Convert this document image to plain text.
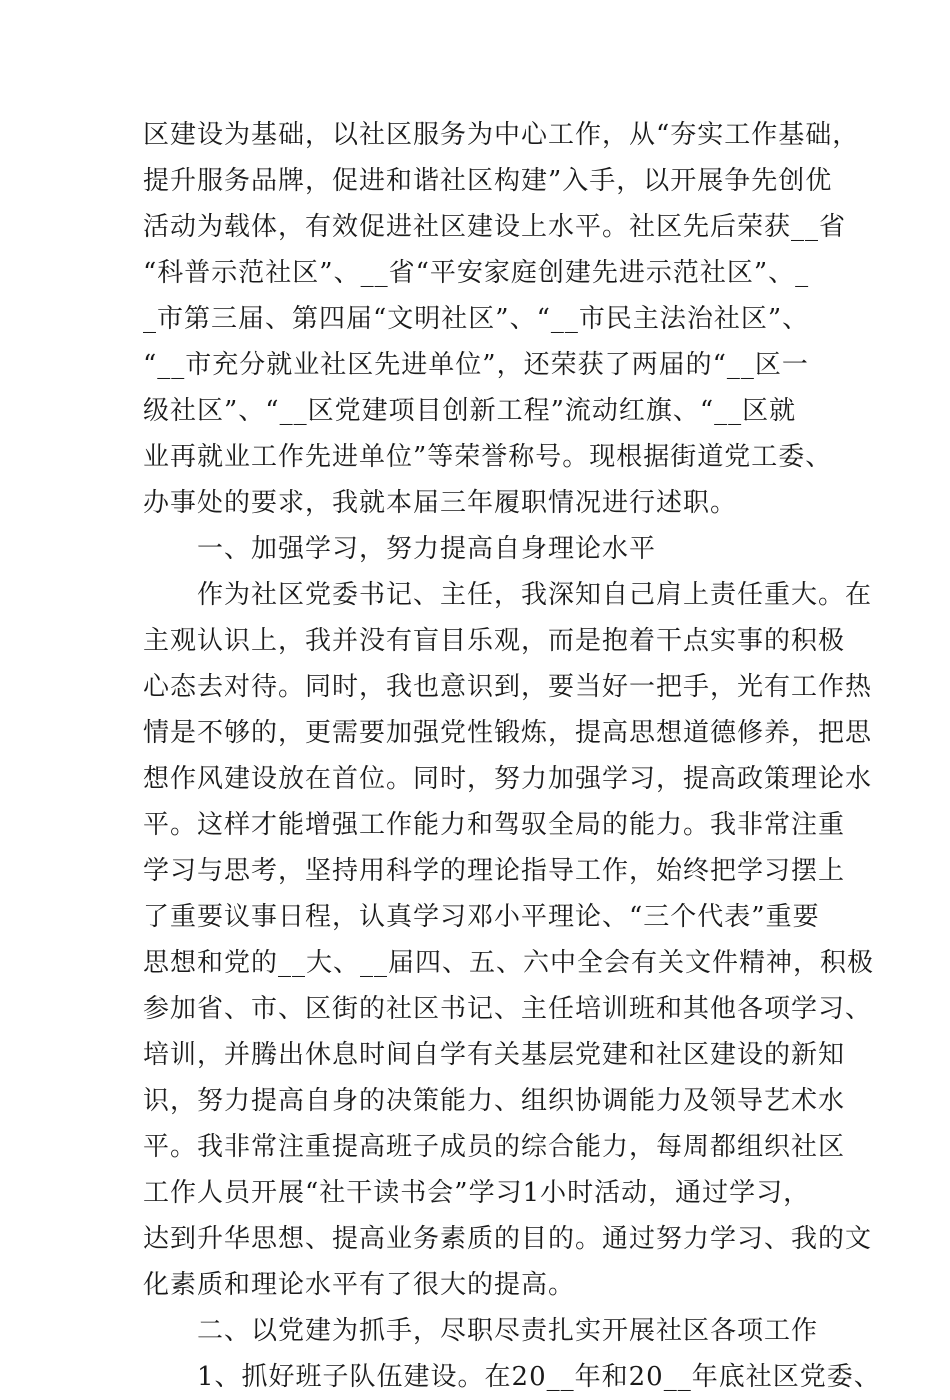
区建设为基础，以社区服务为中心工作，从“夯实工作基础，
提升服务品牌，促进和谐社区构建”入手，以开展争先创优
活动为载体，有效促进社区建设上水平。社区先后荣获__省
“科普示范社区”、__省“平安家庭创建先进示范社区”、_
_市第三届、第四届“文明社区”、“__市民主法治社区”、
“__市充分就业社区先进单位”，还荣获了两届的“__区一
级社区”、“__区党建项目创新工程”流动红旗、“__区就
业再就业工作先进单位”等荣誉称号。现根据街道党工委、
办事处的要求，我就本届三年履职情况进行述职。
一、加强学习，努力提高自身理论水平
作为社区党委书记、主任，我深知自己肩上责任重大。在
主观认识上，我并没有盲目乐观，而是抱着干点实事的积极
心态去对待。同时，我也意识到，要当好一把手，光有工作热
情是不够的，更需要加强党性锻炼，提高思想道德修养，把思
想作风建设放在首位。同时，努力加强学习，提高政策理论水
平。这样才能增强工作能力和驾驭全局的能力。我非常注重
学习与思考，坚持用科学的理论指导工作，始终把学习摆上
了重要议事日程，认真学习邓小平理论、“三个代表”重要
思想和党的__大、__届四、五、六中全会有关文件精神，积极
参加省、市、区街的社区书记、主任培训班和其他各项学习、
培训，并腾出休息时间自学有关基层党建和社区建设的新知
识，努力提高自身的决策能力、组织协调能力及领导艺术水
平。我非常注重提高班子成员的综合能力，每周都组织社区
工作人员开展“社干读书会”学习1小时活动，通过学习，
达到升华思想、提高业务素质的目的。通过努力学习、我的文
化素质和理论水平有了很大的提高。
二、以党建为抓手，尽职尽责扎实开展社区各项工作
1、抓好班子队伍建设。在20__年和20__年底社区党委、
